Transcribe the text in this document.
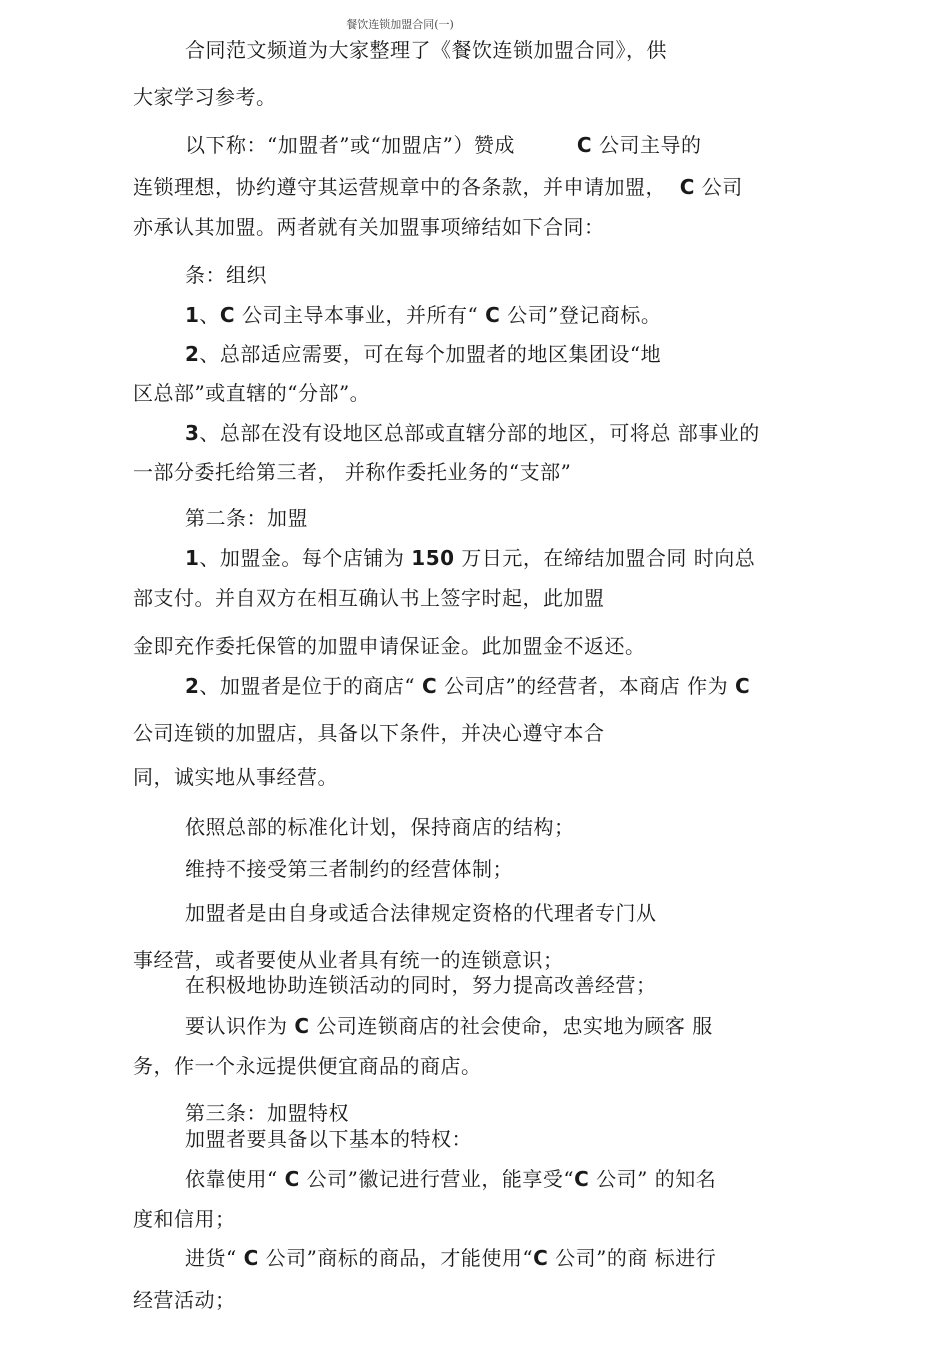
餐饮连锁加盟合同(一)
合同范文频道为大家整理了《餐饮连锁加盟合同》，供
大家学习参考。
以下称：“加盟者”或“加盟店”）赞成	C 公司主导的
连锁理想，协约遵守其运营规章中的各条款，并申请加盟， C 公司
亦承认其加盟。两者就有关加盟事项缔结如下合同：
条：组织
1、C 公司主导本事业，并所有“ C 公司”登记商标。
2、总部适应需要，可在每个加盟者的地区集团设“地
区总部”或直辖的“分部”。
3、总部在没有设地区总部或直辖分部的地区，可将总 部事业的
一部分委托给第三者， 并称作委托业务的“支部”
第二条：加盟
1、加盟金。每个店铺为 150 万日元，在缔结加盟合同 时向总
部支付。并自双方在相互确认书上签字时起，此加盟
金即充作委托保管的加盟申请保证金。此加盟金不返还。
2、加盟者是位于的商店“ C 公司店”的经营者，本商店 作为 C
公司连锁的加盟店，具备以下条件，并决心遵守本合
同，诚实地从事经营。
依照总部的标准化计划，保持商店的结构；
维持不接受第三者制约的经营体制；
加盟者是由自身或适合法律规定资格的代理者专门从
事经营，或者要使从业者具有统一的连锁意识；
在积极地协助连锁活动的同时，努力提高改善经营；
要认识作为 C 公司连锁商店的社会使命，忠实地为顾客 服
务，作一个永远提供便宜商品的商店。
第三条：加盟特权
加盟者要具备以下基本的特权：
依靠使用“ C 公司”徽记进行营业，能享受“C 公司” 的知名
度和信用；
进货“ C 公司”商标的商品，才能使用“C 公司”的商 标进行
经营活动；
